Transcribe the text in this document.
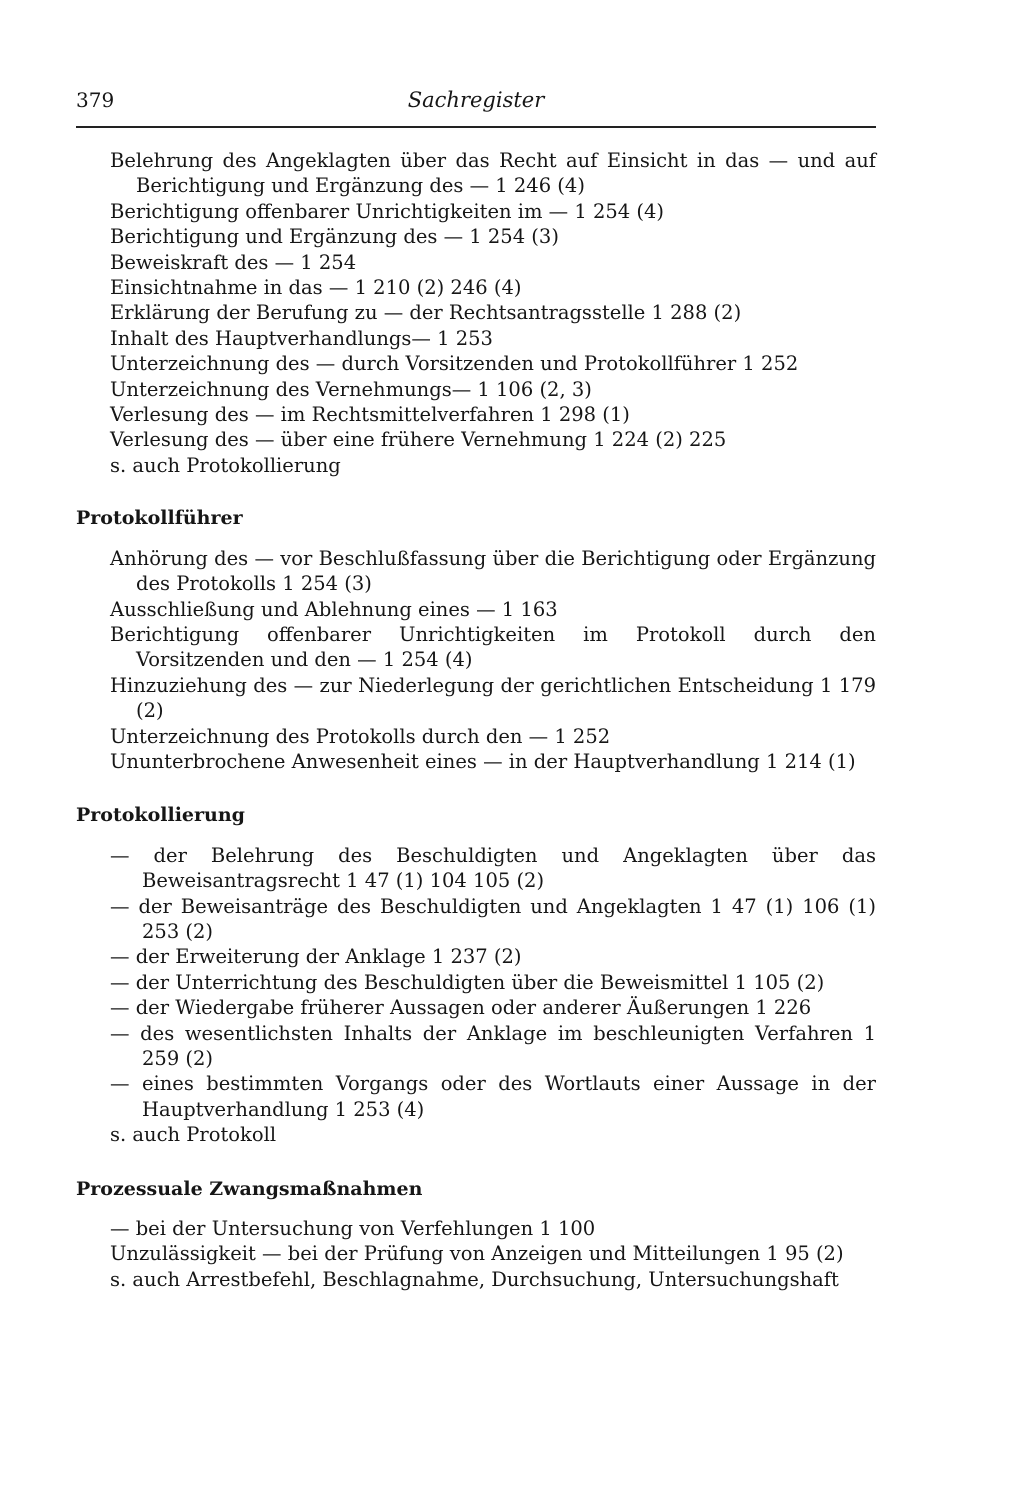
379	Sachregister
Belehrung des Angeklagten über das Recht auf Einsicht in das — und auf Berichtigung und Ergänzung des — 1 246 (4)
Berichtigung offenbarer Unrichtigkeiten im — 1 254 (4)
Berichtigung und Ergänzung des — 1 254 (3)
Beweiskraft des — 1 254
Einsichtnahme in das — 1 210 (2) 246 (4)
Erklärung der Berufung zu — der Rechtsantragsstelle 1 288 (2)
Inhalt des Hauptverhandlungs— 1 253
Unterzeichnung des — durch Vorsitzenden und Protokollführer 1 252
Unterzeichnung des Vernehmungs— 1 106 (2, 3)
Verlesung des — im Rechtsmittelverfahren 1 298 (1)
Verlesung des — über eine frühere Vernehmung 1 224 (2) 225
s. auch Protokollierung
Protokollführer
Anhörung des — vor Beschlußfassung über die Berichtigung oder Ergänzung des Protokolls 1 254 (3)
Ausschließung und Ablehnung eines — 1 163
Berichtigung offenbarer Unrichtigkeiten im Protokoll durch den Vorsitzenden und den — 1 254 (4)
Hinzuziehung des — zur Niederlegung der gerichtlichen Entscheidung 1 179 (2)
Unterzeichnung des Protokolls durch den — 1 252
Ununterbrochene Anwesenheit eines — in der Hauptverhandlung 1 214 (1)
Protokollierung
— der Belehrung des Beschuldigten und Angeklagten über das Beweisantragsrecht 1 47 (1) 104 105 (2)
— der Beweisanträge des Beschuldigten und Angeklagten 1 47 (1) 106 (1) 253 (2)
— der Erweiterung der Anklage 1 237 (2)
— der Unterrichtung des Beschuldigten über die Beweismittel 1 105 (2)
— der Wiedergabe früherer Aussagen oder anderer Äußerungen 1 226
— des wesentlichsten Inhalts der Anklage im beschleunigten Verfahren 1 259 (2)
— eines bestimmten Vorgangs oder des Wortlauts einer Aussage in der Hauptverhandlung 1 253 (4)
s. auch Protokoll
Prozessuale Zwangsmaßnahmen
— bei der Untersuchung von Verfehlungen 1 100
Unzulässigkeit — bei der Prüfung von Anzeigen und Mitteilungen 1 95 (2)
s. auch Arrestbefehl, Beschlagnahme, Durchsuchung, Untersuchungshaft
